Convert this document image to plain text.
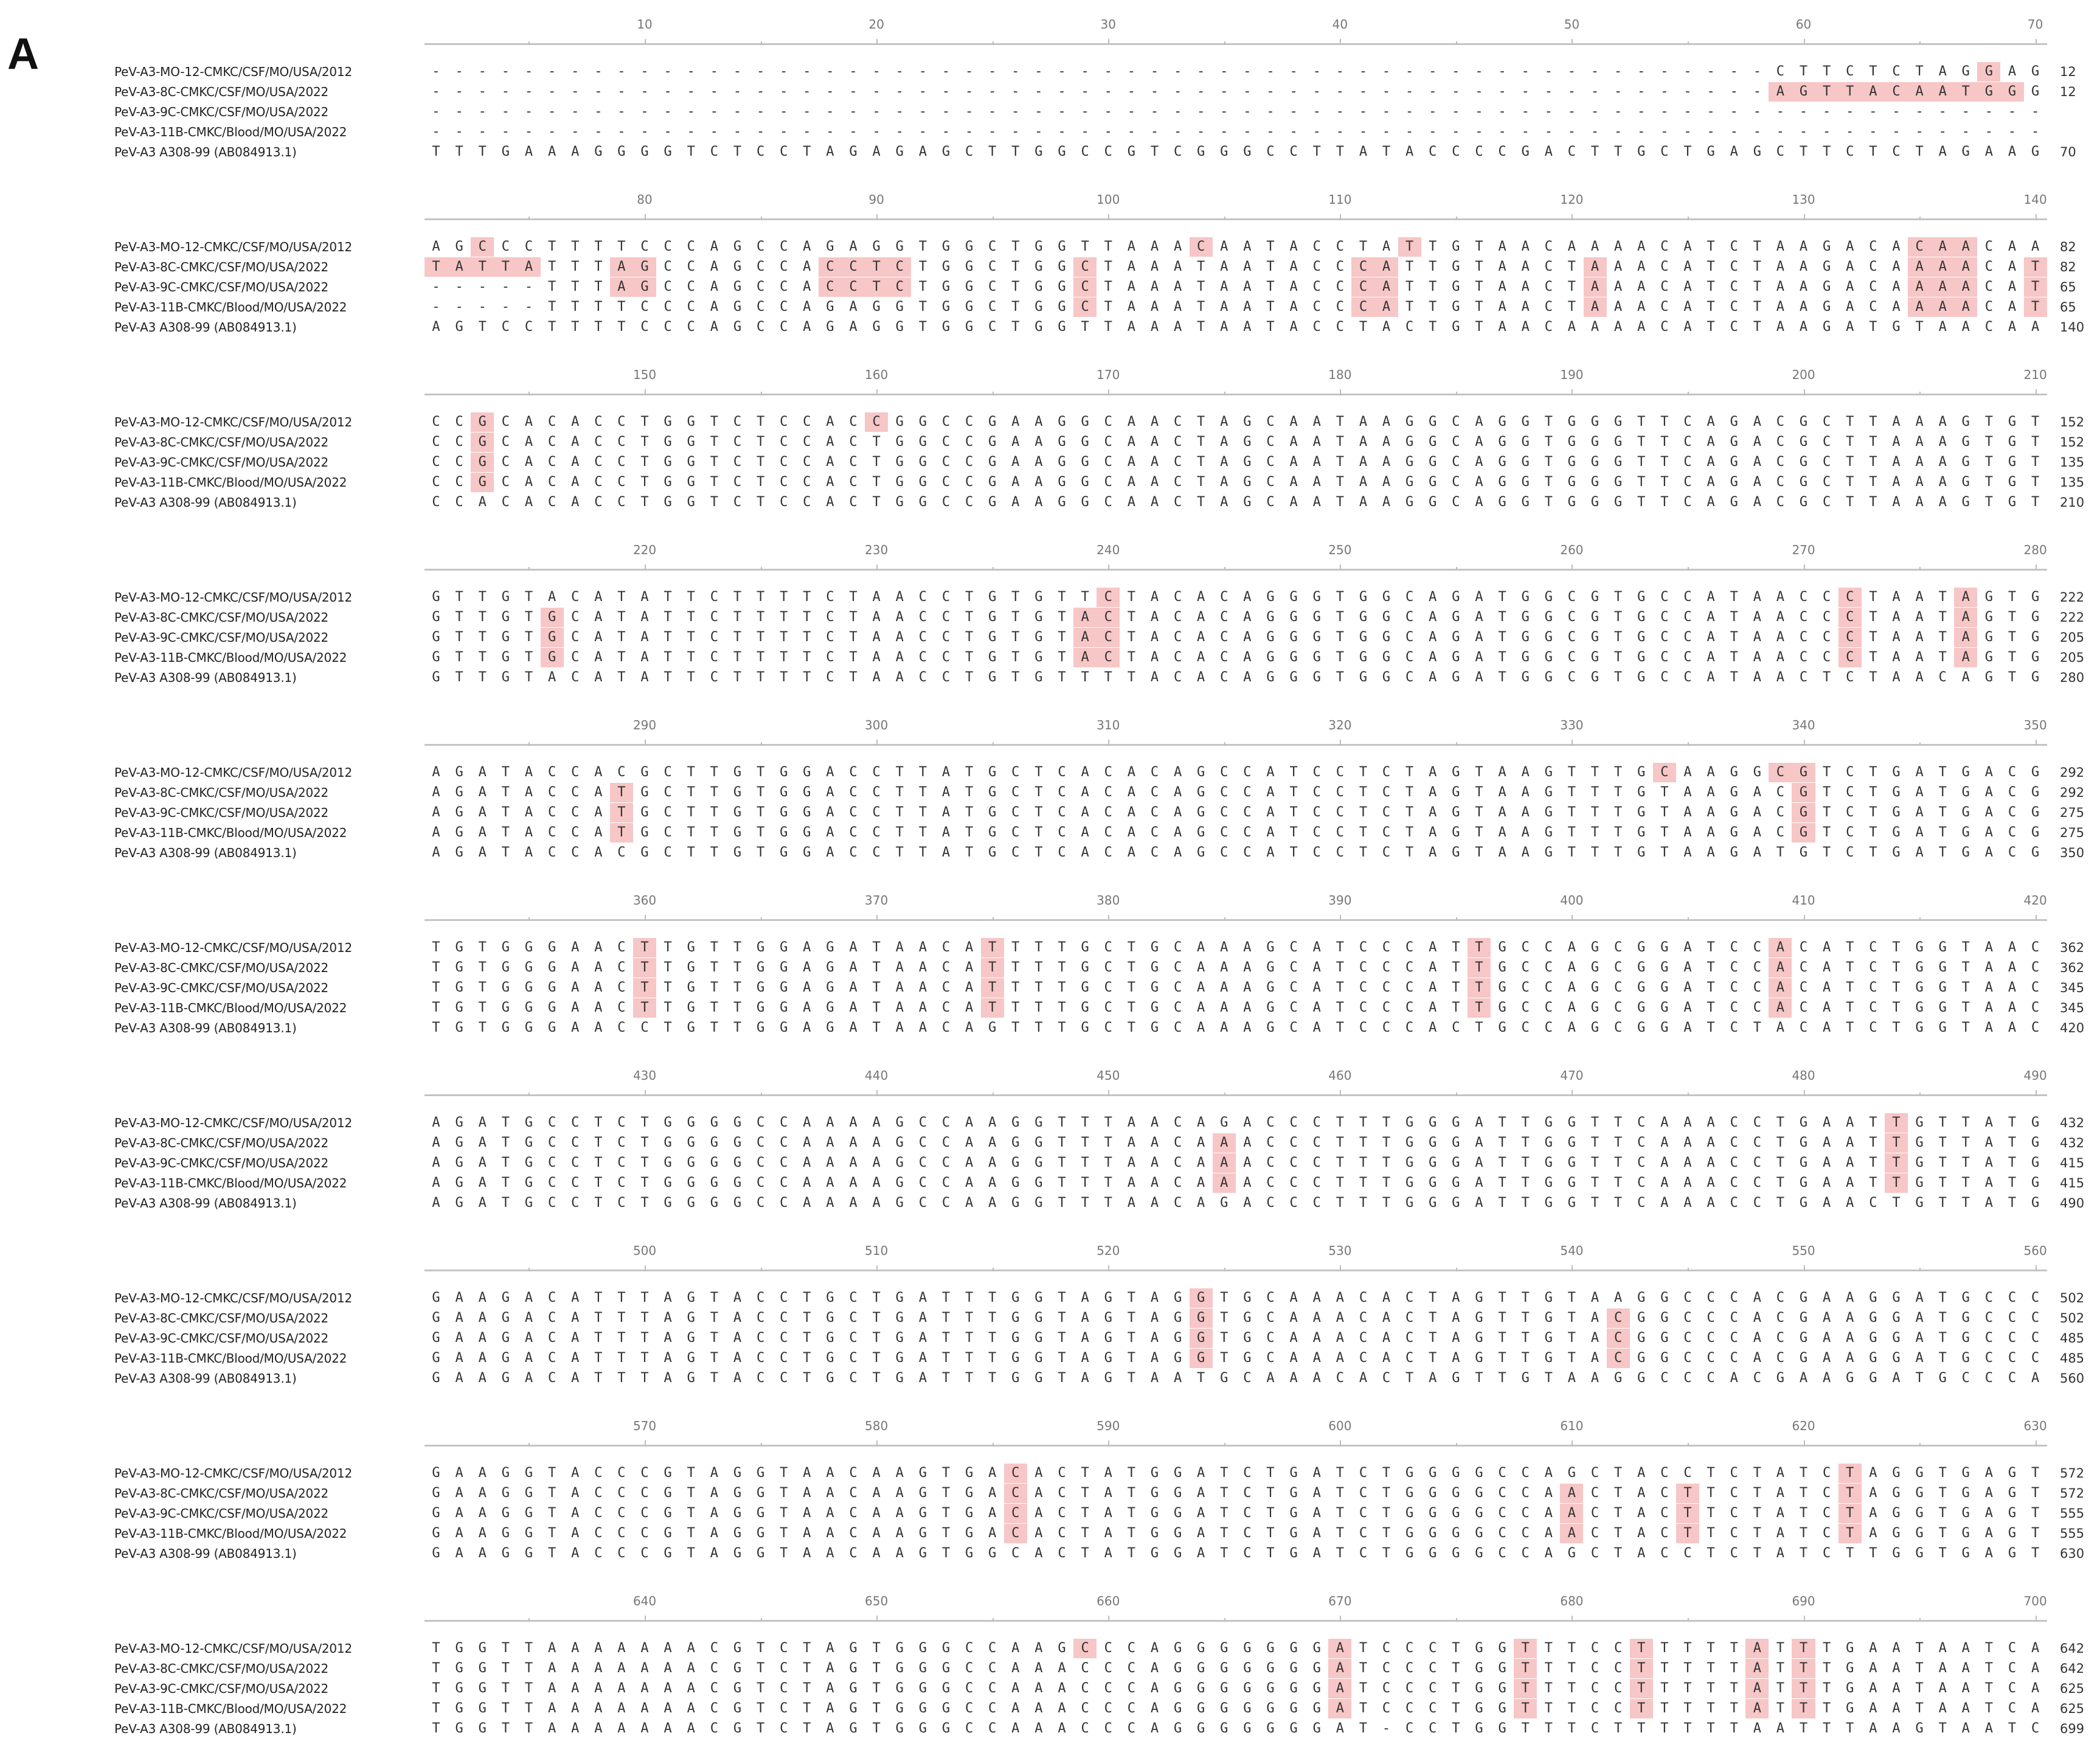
A
10	20	30	40	50	60	70
PeV-A3-MO-12-CMKC/CSF/MO/USA/2012	-	-	-	-	-	-	-	-	-	-	-	-	-	-	-	-	-	-	-	-	-	-	-	-	-	-	-	-	-	-	-	-	-	-	-	-	-	-	-	-	-	-	-	-	-	-	-	-	-	-	-	-	-	-	-	-	-	-	C	T	T	C	T	C	T	A	G	G	A	G	12
PeV-A3-8C-CMKC/CSF/MO/USA/2022	-	-	-	-	-	-	-	-	-	-	-	-	-	-	-	-	-	-	-	-	-	-	-	-	-	-	-	-	-	-	-	-	-	-	-	-	-	-	-	-	-	-	-	-	-	-	-	-	-	-	-	-	-	-	-	-	-	-	A	G	T	T	A	C	A	A	T	G	G	G	12
PeV-A3-9C-CMKC/CSF/MO/USA/2022	-	-	-	-	-	-	-	-	-	-	-	-	-	-	-	-	-	-	-	-	-	-	-	-	-	-	-	-	-	-	-	-	-	-	-	-	-	-	-	-	-	-	-	-	-	-	-	-	-	-	-	-	-	-	-	-	-	-	-	-	-	-	-	-	-	-	-	-	-	-
PeV-A3-11B-CMKC/Blood/MO/USA/2022	-	-	-	-	-	-	-	-	-	-	-	-	-	-	-	-	-	-	-	-	-	-	-	-	-	-	-	-	-	-	-	-	-	-	-	-	-	-	-	-	-	-	-	-	-	-	-	-	-	-	-	-	-	-	-	-	-	-	-	-	-	-	-	-	-	-	-	-	-	-
PeV-A3 A308-99 (AB084913.1)	T	T	T	G	A	A	A	G	G	G	G	T	C	T	C	C	T	A	G	A	G	A	G	C	T	T	G	G	C	C	G	T	C	G	G	G	C	C	T	T	A	T	A	C	C	C	C	G	A	C	T	T	G	C	T	G	A	G	C	T	T	C	T	C	T	A	G	A	A	G	70
80	90	100	110	120	130	140
PeV-A3-MO-12-CMKC/CSF/MO/USA/2012	A	G	C	C	C	T	T	T	T	C	C	C	A	G	C	C	A	G	A	G	G	T	G	G	C	T	G	G	T	T	A	A	A	C	A	A	T	A	C	C	T	A	T	T	G	T	A	A	C	A	A	A	A	C	A	T	C	T	A	A	G	A	C	A	C	A	A	C	A	A	82
PeV-A3-8C-CMKC/CSF/MO/USA/2022	T	A	T	T	A	T	T	T	A	G	C	C	A	G	C	C	A	C	C	T	C	T	G	G	C	T	G	G	C	T	A	A	A	T	A	A	T	A	C	C	C	A	T	T	G	T	A	A	C	T	A	A	A	C	A	T	C	T	A	A	G	A	C	A	A	A	A	C	A	T	82
PeV-A3-9C-CMKC/CSF/MO/USA/2022	-	-	-	-	-	T	T	T	A	G	C	C	A	G	C	C	A	C	C	T	C	T	G	G	C	T	G	G	C	T	A	A	A	T	A	A	T	A	C	C	C	A	T	T	G	T	A	A	C	T	A	A	A	C	A	T	C	T	A	A	G	A	C	A	A	A	A	C	A	T	65
PeV-A3-11B-CMKC/Blood/MO/USA/2022	-	-	-	-	-	T	T	T	T	C	C	C	A	G	C	C	A	G	A	G	G	T	G	G	C	T	G	G	C	T	A	A	A	T	A	A	T	A	C	C	C	A	T	T	G	T	A	A	C	T	A	A	A	C	A	T	C	T	A	A	G	A	C	A	A	A	A	C	A	T	65
PeV-A3 A308-99 (AB084913.1)	A	G	T	C	C	T	T	T	T	C	C	C	A	G	C	C	A	G	A	G	G	T	G	G	C	T	G	G	T	T	A	A	A	T	A	A	T	A	C	C	T	A	C	T	G	T	A	A	C	A	A	A	A	C	A	T	C	T	A	A	G	A	T	G	T	A	A	C	A	A	140
150	160	170	180	190	200	210
PeV-A3-MO-12-CMKC/CSF/MO/USA/2012	C	C	G	C	A	C	A	C	C	T	G	G	T	C	T	C	C	A	C	C	G	G	C	C	G	A	A	G	G	C	A	A	C	T	A	G	C	A	A	T	A	A	G	G	C	A	G	G	T	G	G	G	T	T	C	A	G	A	C	G	C	T	T	A	A	A	G	T	G	T	152
PeV-A3-8C-CMKC/CSF/MO/USA/2022	C	C	G	C	A	C	A	C	C	T	G	G	T	C	T	C	C	A	C	T	G	G	C	C	G	A	A	G	G	C	A	A	C	T	A	G	C	A	A	T	A	A	G	G	C	A	G	G	T	G	G	G	T	T	C	A	G	A	C	G	C	T	T	A	A	A	G	T	G	T	152
PeV-A3-9C-CMKC/CSF/MO/USA/2022	C	C	G	C	A	C	A	C	C	T	G	G	T	C	T	C	C	A	C	T	G	G	C	C	G	A	A	G	G	C	A	A	C	T	A	G	C	A	A	T	A	A	G	G	C	A	G	G	T	G	G	G	T	T	C	A	G	A	C	G	C	T	T	A	A	A	G	T	G	T	135
PeV-A3-11B-CMKC/Blood/MO/USA/2022	C	C	G	C	A	C	A	C	C	T	G	G	T	C	T	C	C	A	C	T	G	G	C	C	G	A	A	G	G	C	A	A	C	T	A	G	C	A	A	T	A	A	G	G	C	A	G	G	T	G	G	G	T	T	C	A	G	A	C	G	C	T	T	A	A	A	G	T	G	T	135
PeV-A3 A308-99 (AB084913.1)	C	C	A	C	A	C	A	C	C	T	G	G	T	C	T	C	C	A	C	T	G	G	C	C	G	A	A	G	G	C	A	A	C	T	A	G	C	A	A	T	A	A	G	G	C	A	G	G	T	G	G	G	T	T	C	A	G	A	C	G	C	T	T	A	A	A	G	T	G	T	210
220	230	240	250	260	270	280
PeV-A3-MO-12-CMKC/CSF/MO/USA/2012	G	T	T	G	T	A	C	A	T	A	T	T	C	T	T	T	T	C	T	A	A	C	C	T	G	T	G	T	T	C	T	A	C	A	C	A	G	G	G	T	G	G	C	A	G	A	T	G	G	C	G	T	G	C	C	A	T	A	A	C	C	C	T	A	A	T	A	G	T	G	222
PeV-A3-8C-CMKC/CSF/MO/USA/2022	G	T	T	G	T	G	C	A	T	A	T	T	C	T	T	T	T	C	T	A	A	C	C	T	G	T	G	T	A	C	T	A	C	A	C	A	G	G	G	T	G	G	C	A	G	A	T	G	G	C	G	T	G	C	C	A	T	A	A	C	C	C	T	A	A	T	A	G	T	G	222
PeV-A3-9C-CMKC/CSF/MO/USA/2022	G	T	T	G	T	G	C	A	T	A	T	T	C	T	T	T	T	C	T	A	A	C	C	T	G	T	G	T	A	C	T	A	C	A	C	A	G	G	G	T	G	G	C	A	G	A	T	G	G	C	G	T	G	C	C	A	T	A	A	C	C	C	T	A	A	T	A	G	T	G	205
PeV-A3-11B-CMKC/Blood/MO/USA/2022	G	T	T	G	T	G	C	A	T	A	T	T	C	T	T	T	T	C	T	A	A	C	C	T	G	T	G	T	A	C	T	A	C	A	C	A	G	G	G	T	G	G	C	A	G	A	T	G	G	C	G	T	G	C	C	A	T	A	A	C	C	C	T	A	A	T	A	G	T	G	205
PeV-A3 A308-99 (AB084913.1)	G	T	T	G	T	A	C	A	T	A	T	T	C	T	T	T	T	C	T	A	A	C	C	T	G	T	G	T	T	T	T	A	C	A	C	A	G	G	G	T	G	G	C	A	G	A	T	G	G	C	G	T	G	C	C	A	T	A	A	C	T	C	T	A	A	C	A	G	T	G	280
290	300	310	320	330	340	350
PeV-A3-MO-12-CMKC/CSF/MO/USA/2012	A	G	A	T	A	C	C	A	C	G	C	T	T	G	T	G	G	A	C	C	T	T	A	T	G	C	T	C	A	C	A	C	A	G	C	C	A	T	C	C	T	C	T	A	G	T	A	A	G	T	T	T	G	C	A	A	G	G	C	G	T	C	T	G	A	T	G	A	C	G	292
PeV-A3-8C-CMKC/CSF/MO/USA/2022	A	G	A	T	A	C	C	A	T	G	C	T	T	G	T	G	G	A	C	C	T	T	A	T	G	C	T	C	A	C	A	C	A	G	C	C	A	T	C	C	T	C	T	A	G	T	A	A	G	T	T	T	G	T	A	A	G	A	C	G	T	C	T	G	A	T	G	A	C	G	292
PeV-A3-9C-CMKC/CSF/MO/USA/2022	A	G	A	T	A	C	C	A	T	G	C	T	T	G	T	G	G	A	C	C	T	T	A	T	G	C	T	C	A	C	A	C	A	G	C	C	A	T	C	C	T	C	T	A	G	T	A	A	G	T	T	T	G	T	A	A	G	A	C	G	T	C	T	G	A	T	G	A	C	G	275
PeV-A3-11B-CMKC/Blood/MO/USA/2022	A	G	A	T	A	C	C	A	T	G	C	T	T	G	T	G	G	A	C	C	T	T	A	T	G	C	T	C	A	C	A	C	A	G	C	C	A	T	C	C	T	C	T	A	G	T	A	A	G	T	T	T	G	T	A	A	G	A	C	G	T	C	T	G	A	T	G	A	C	G	275
PeV-A3 A308-99 (AB084913.1)	A	G	A	T	A	C	C	A	C	G	C	T	T	G	T	G	G	A	C	C	T	T	A	T	G	C	T	C	A	C	A	C	A	G	C	C	A	T	C	C	T	C	T	A	G	T	A	A	G	T	T	T	G	T	A	A	G	A	T	G	T	C	T	G	A	T	G	A	C	G	350
360	370	380	390	400	410	420
PeV-A3-MO-12-CMKC/CSF/MO/USA/2012	T	G	T	G	G	G	A	A	C	T	T	G	T	T	G	G	A	G	A	T	A	A	C	A	T	T	T	T	G	C	T	G	C	A	A	A	G	C	A	T	C	C	C	A	T	T	G	C	C	A	G	C	G	G	A	T	C	C	A	C	A	T	C	T	G	G	T	A	A	C	362
PeV-A3-8C-CMKC/CSF/MO/USA/2022	T	G	T	G	G	G	A	A	C	T	T	G	T	T	G	G	A	G	A	T	A	A	C	A	T	T	T	T	G	C	T	G	C	A	A	A	G	C	A	T	C	C	C	A	T	T	G	C	C	A	G	C	G	G	A	T	C	C	A	C	A	T	C	T	G	G	T	A	A	C	362
PeV-A3-9C-CMKC/CSF/MO/USA/2022	T	G	T	G	G	G	A	A	C	T	T	G	T	T	G	G	A	G	A	T	A	A	C	A	T	T	T	T	G	C	T	G	C	A	A	A	G	C	A	T	C	C	C	A	T	T	G	C	C	A	G	C	G	G	A	T	C	C	A	C	A	T	C	T	G	G	T	A	A	C	345
PeV-A3-11B-CMKC/Blood/MO/USA/2022	T	G	T	G	G	G	A	A	C	T	T	G	T	T	G	G	A	G	A	T	A	A	C	A	T	T	T	T	G	C	T	G	C	A	A	A	G	C	A	T	C	C	C	A	T	T	G	C	C	A	G	C	G	G	A	T	C	C	A	C	A	T	C	T	G	G	T	A	A	C	345
PeV-A3 A308-99 (AB084913.1)	T	G	T	G	G	G	A	A	C	C	T	G	T	T	G	G	A	G	A	T	A	A	C	A	G	T	T	T	G	C	T	G	C	A	A	A	G	C	A	T	C	C	C	A	C	T	G	C	C	A	G	C	G	G	A	T	C	T	A	C	A	T	C	T	G	G	T	A	A	C	420
430	440	450	460	470	480	490
PeV-A3-MO-12-CMKC/CSF/MO/USA/2012	A	G	A	T	G	C	C	T	C	T	G	G	G	G	C	C	A	A	A	A	G	C	C	A	A	G	G	T	T	T	A	A	C	A	G	A	C	C	C	T	T	T	G	G	G	A	T	T	G	G	T	T	C	A	A	A	C	C	T	G	A	A	T	T	G	T	T	A	T	G	432
PeV-A3-8C-CMKC/CSF/MO/USA/2022	A	G	A	T	G	C	C	T	C	T	G	G	G	G	C	C	A	A	A	A	G	C	C	A	A	G	G	T	T	T	A	A	C	A	A	A	C	C	C	T	T	T	G	G	G	A	T	T	G	G	T	T	C	A	A	A	C	C	T	G	A	A	T	T	G	T	T	A	T	G	432
PeV-A3-9C-CMKC/CSF/MO/USA/2022	A	G	A	T	G	C	C	T	C	T	G	G	G	G	C	C	A	A	A	A	G	C	C	A	A	G	G	T	T	T	A	A	C	A	A	A	C	C	C	T	T	T	G	G	G	A	T	T	G	G	T	T	C	A	A	A	C	C	T	G	A	A	T	T	G	T	T	A	T	G	415
PeV-A3-11B-CMKC/Blood/MO/USA/2022	A	G	A	T	G	C	C	T	C	T	G	G	G	G	C	C	A	A	A	A	G	C	C	A	A	G	G	T	T	T	A	A	C	A	A	A	C	C	C	T	T	T	G	G	G	A	T	T	G	G	T	T	C	A	A	A	C	C	T	G	A	A	T	T	G	T	T	A	T	G	415
PeV-A3 A308-99 (AB084913.1)	A	G	A	T	G	C	C	T	C	T	G	G	G	G	C	C	A	A	A	A	G	C	C	A	A	G	G	T	T	T	A	A	C	A	G	A	C	C	C	T	T	T	G	G	G	A	T	T	G	G	T	T	C	A	A	A	C	C	T	G	A	A	C	T	G	T	T	A	T	G	490
500	510	520	530	540	550	560
PeV-A3-MO-12-CMKC/CSF/MO/USA/2012	G	A	A	G	A	C	A	T	T	T	A	G	T	A	C	C	T	G	C	T	G	A	T	T	T	G	G	T	A	G	T	A	G	G	T	G	C	A	A	A	C	A	C	T	A	G	T	T	G	T	A	A	G	G	C	C	C	A	C	G	A	A	G	G	A	T	G	C	C	C	502
PeV-A3-8C-CMKC/CSF/MO/USA/2022	G	A	A	G	A	C	A	T	T	T	A	G	T	A	C	C	T	G	C	T	G	A	T	T	T	G	G	T	A	G	T	A	G	G	T	G	C	A	A	A	C	A	C	T	A	G	T	T	G	T	A	C	G	G	C	C	C	A	C	G	A	A	G	G	A	T	G	C	C	C	502
PeV-A3-9C-CMKC/CSF/MO/USA/2022	G	A	A	G	A	C	A	T	T	T	A	G	T	A	C	C	T	G	C	T	G	A	T	T	T	G	G	T	A	G	T	A	G	G	T	G	C	A	A	A	C	A	C	T	A	G	T	T	G	T	A	C	G	G	C	C	C	A	C	G	A	A	G	G	A	T	G	C	C	C	485
PeV-A3-11B-CMKC/Blood/MO/USA/2022	G	A	A	G	A	C	A	T	T	T	A	G	T	A	C	C	T	G	C	T	G	A	T	T	T	G	G	T	A	G	T	A	G	G	T	G	C	A	A	A	C	A	C	T	A	G	T	T	G	T	A	C	G	G	C	C	C	A	C	G	A	A	G	G	A	T	G	C	C	C	485
PeV-A3 A308-99 (AB084913.1)	G	A	A	G	A	C	A	T	T	T	A	G	T	A	C	C	T	G	C	T	G	A	T	T	T	G	G	T	A	G	T	A	A	T	G	C	A	A	A	C	A	C	T	A	G	T	T	G	T	A	A	G	G	C	C	C	A	C	G	A	A	G	G	A	T	G	C	C	C	A	560
570	580	590	600	610	620	630
PeV-A3-MO-12-CMKC/CSF/MO/USA/2012	G	A	A	G	G	T	A	C	C	C	G	T	A	G	G	T	A	A	C	A	A	G	T	G	A	C	A	C	T	A	T	G	G	A	T	C	T	G	A	T	C	T	G	G	G	G	C	C	A	G	C	T	A	C	C	T	C	T	A	T	C	T	A	G	G	T	G	A	G	T	572
PeV-A3-8C-CMKC/CSF/MO/USA/2022	G	A	A	G	G	T	A	C	C	C	G	T	A	G	G	T	A	A	C	A	A	G	T	G	A	C	A	C	T	A	T	G	G	A	T	C	T	G	A	T	C	T	G	G	G	G	C	C	A	A	C	T	A	C	T	T	C	T	A	T	C	T	A	G	G	T	G	A	G	T	572
PeV-A3-9C-CMKC/CSF/MO/USA/2022	G	A	A	G	G	T	A	C	C	C	G	T	A	G	G	T	A	A	C	A	A	G	T	G	A	C	A	C	T	A	T	G	G	A	T	C	T	G	A	T	C	T	G	G	G	G	C	C	A	A	C	T	A	C	T	T	C	T	A	T	C	T	A	G	G	T	G	A	G	T	555
PeV-A3-11B-CMKC/Blood/MO/USA/2022	G	A	A	G	G	T	A	C	C	C	G	T	A	G	G	T	A	A	C	A	A	G	T	G	A	C	A	C	T	A	T	G	G	A	T	C	T	G	A	T	C	T	G	G	G	G	C	C	A	A	C	T	A	C	T	T	C	T	A	T	C	T	A	G	G	T	G	A	G	T	555
PeV-A3 A308-99 (AB084913.1)	G	A	A	G	G	T	A	C	C	C	G	T	A	G	G	T	A	A	C	A	A	G	T	G	G	C	A	C	T	A	T	G	G	A	T	C	T	G	A	T	C	T	G	G	G	G	C	C	A	G	C	T	A	C	C	T	C	T	A	T	C	T	T	G	G	T	G	A	G	T	630
640	650	660	670	680	690	700
PeV-A3-MO-12-CMKC/CSF/MO/USA/2012	T	G	G	T	T	A	A	A	A	A	A	A	C	G	T	C	T	A	G	T	G	G	G	C	C	A	A	G	C	C	C	A	G	G	G	G	G	G	G	A	T	C	C	C	T	G	G	T	T	T	C	C	T	T	T	T	T	A	T	T	T	G	A	A	T	A	A	T	C	A	642
PeV-A3-8C-CMKC/CSF/MO/USA/2022	T	G	G	T	T	A	A	A	A	A	A	A	C	G	T	C	T	A	G	T	G	G	G	C	C	A	A	A	C	C	C	A	G	G	G	G	G	G	G	A	T	C	C	C	T	G	G	T	T	T	C	C	T	T	T	T	T	A	T	T	T	G	A	A	T	A	A	T	C	A	642
PeV-A3-9C-CMKC/CSF/MO/USA/2022	T	G	G	T	T	A	A	A	A	A	A	A	C	G	T	C	T	A	G	T	G	G	G	C	C	A	A	A	C	C	C	A	G	G	G	G	G	G	G	A	T	C	C	C	T	G	G	T	T	T	C	C	T	T	T	T	T	A	T	T	T	G	A	A	T	A	A	T	C	A	625
PeV-A3-11B-CMKC/Blood/MO/USA/2022	T	G	G	T	T	A	A	A	A	A	A	A	C	G	T	C	T	A	G	T	G	G	G	C	C	A	A	A	C	C	C	A	G	G	G	G	G	G	G	A	T	C	C	C	T	G	G	T	T	T	C	C	T	T	T	T	T	A	T	T	T	G	A	A	T	A	A	T	C	A	625
PeV-A3 A308-99 (AB084913.1)	T	G	G	T	T	A	A	A	A	A	A	A	C	G	T	C	T	A	G	T	G	G	G	C	C	A	A	A	C	C	C	A	G	G	G	G	G	G	G	A	T	-	C	C	T	G	G	T	T	T	C	T	T	T	T	T	T	A	A	T	T	T	A	A	G	T	A	A	T	C	699
